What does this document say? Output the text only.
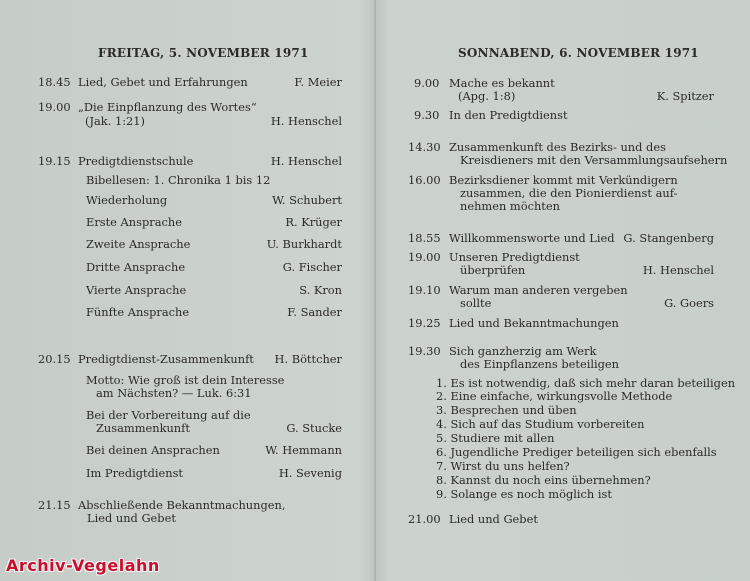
FREITAG, 5. NOVEMBER 1971
18.45 Lied, Gebet und Erfahrungen	F. Meier
19.00 „Die Einpflanzung des Wortes“
(Jak. 1:21)	H. Henschel
19.15 Predigtdienstschule	H. Henschel
Bibellesen: 1. Chronika 1 bis 12
Wiederholung	W. Schubert
Erste Ansprache	R. Krüger
Zweite Ansprache	U. Burkhardt
Dritte Ansprache	G. Fischer
Vierte Ansprache	S. Kron
Fünfte Ansprache	F. Sander
20.15 Predigtdienst-Zusammenkunft H. Böttcher
Motto: Wie groß ist dein Interesse
am Nächsten? — Luk. 6:31
Bei der Vorbereitung auf die
Zusammenkunft	G. Stucke
Bei deinen Ansprachen	W. Hemmann
Im Predigtdienst	H. Sevenig
21.15 Abschließende Bekanntmachungen,
Lied und Gebet
SONNABEND, 6. NOVEMBER 1971
9.00 Mache es bekannt
(Apg. 1:8)	K. Spitzer
9.30 In den Predigtdienst
14.30 Zusammenkunft des Bezirks- und des
Kreisdieners mit den Versammlungsaufsehern
16.00 Bezirksdiener kommt mit Verkündigern
zusammen, die den Pionierdienst auf-
nehmen möchten
18.55 Willkommensworte und Lied G. Stangenberg
19.00 Unseren Predigtdienst
überprüfen	H. Henschel
19.10 Warum man anderen vergeben
sollte	G. Goers
19.25 Lied und Bekanntmachungen
19.30 Sich ganzherzig am Werk
des Einpflanzens beteiligen
1. Es ist notwendig, daß sich mehr daran beteiligen
2. Eine einfache, wirkungsvolle Methode
3. Besprechen und üben
4. Sich auf das Studium vorbereiten
5. Studiere mit allen
6. Jugendliche Prediger beteiligen sich ebenfalls
7. Wirst du uns helfen?
8. Kannst du noch eins übernehmen?
9. Solange es noch möglich ist
21.00 Lied und Gebet
Archiv-Vegelahn
